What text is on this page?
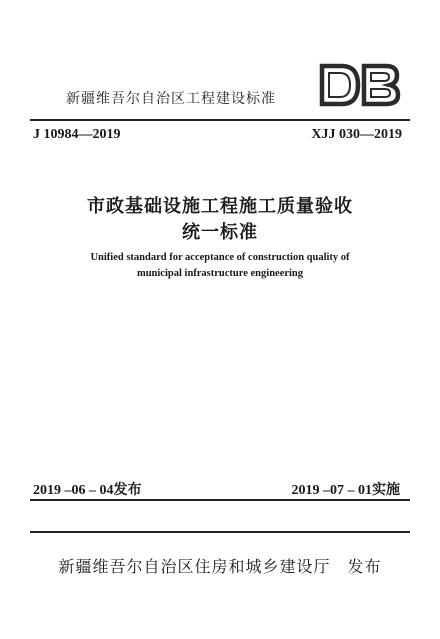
新疆维吾尔自治区工程建设标准
DB
J 10984—2019	XJJ 030—2019
市政基础设施工程施工质量验收
统一标准
Unified standard for acceptance of construction quality of
municipal infrastructure engineering
2019 –06 – 04发布	2019 –07 – 01实施
新疆维吾尔自治区住房和城乡建设厅　发布
